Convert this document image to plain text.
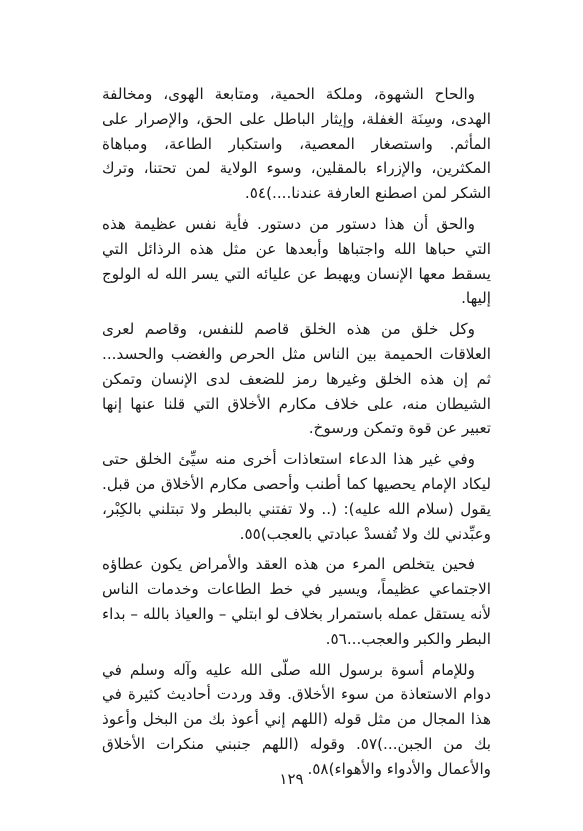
والحاح الشهوة، وملكة الحمية، ومتابعة الهوى، ومخالفة الهدى، وسِنَة الغفلة، وإيثار الباطل على الحق، والإصرار على المأثم. واستصغار المعصية، واستكبار الطاعة، ومباهاة المكثرين، والإزراء بالمقلين، وسوء الولاية لمن تحتنا، وترك الشكر لمن اصطنع العارفة عندنا....)٥٤.

والحق أن هذا دستور من دستور. فأية نفس عظيمة هذه التي حباها الله واجتباها وأبعدها عن مثل هذه الرذائل التي يسقط معها الإنسان ويهبط عن عليائه التي يسر الله له الولوج إليها.

وكل خلق من هذه الخلق قاصم للنفس، وقاصم لعرى العلاقات الحميمة بين الناس مثل الحرص والغضب والحسد... ثم إن هذه الخلق وغيرها رمز للضعف لدى الإنسان وتمكن الشيطان منه، على خلاف مكارم الأخلاق التي قلنا عنها إنها تعبير عن قوة وتمكن ورسوخ.

وفي غير هذا الدعاء استعاذات أخرى منه سيِّئ الخلق حتى ليكاد الإمام يحصيها كما أطنب وأحصى مكارم الأخلاق من قبل. يقول (سلام الله عليه): (.. ولا تفتني بالبطر ولا تبتلني بالكِبْر، وعبِّدني لك ولا تُفسدْ عبادتي بالعجب)٥٥.

فحين يتخلص المرء من هذه العقد والأمراض يكون عطاؤه الاجتماعي عظيماً، ويسير في خط الطاعات وخدمات الناس لأنه يستقل عمله باستمرار بخلاف لو ابتلي – والعياذ بالله – بداء البطر والكبر والعجب...٥٦.

وللإمام أسوة برسول الله صلّى الله عليه وآله وسلم في دوام الاستعاذة من سوء الأخلاق. وقد وردت أحاديث كثيرة في هذا المجال من مثل قوله (اللهم إني أعوذ بك من البخل وأعوذ بك من الجبن...)٥٧. وقوله (اللهم جنبني منكرات الأخلاق والأعمال والأدواء والأهواء)٥٨.

١٢٩
